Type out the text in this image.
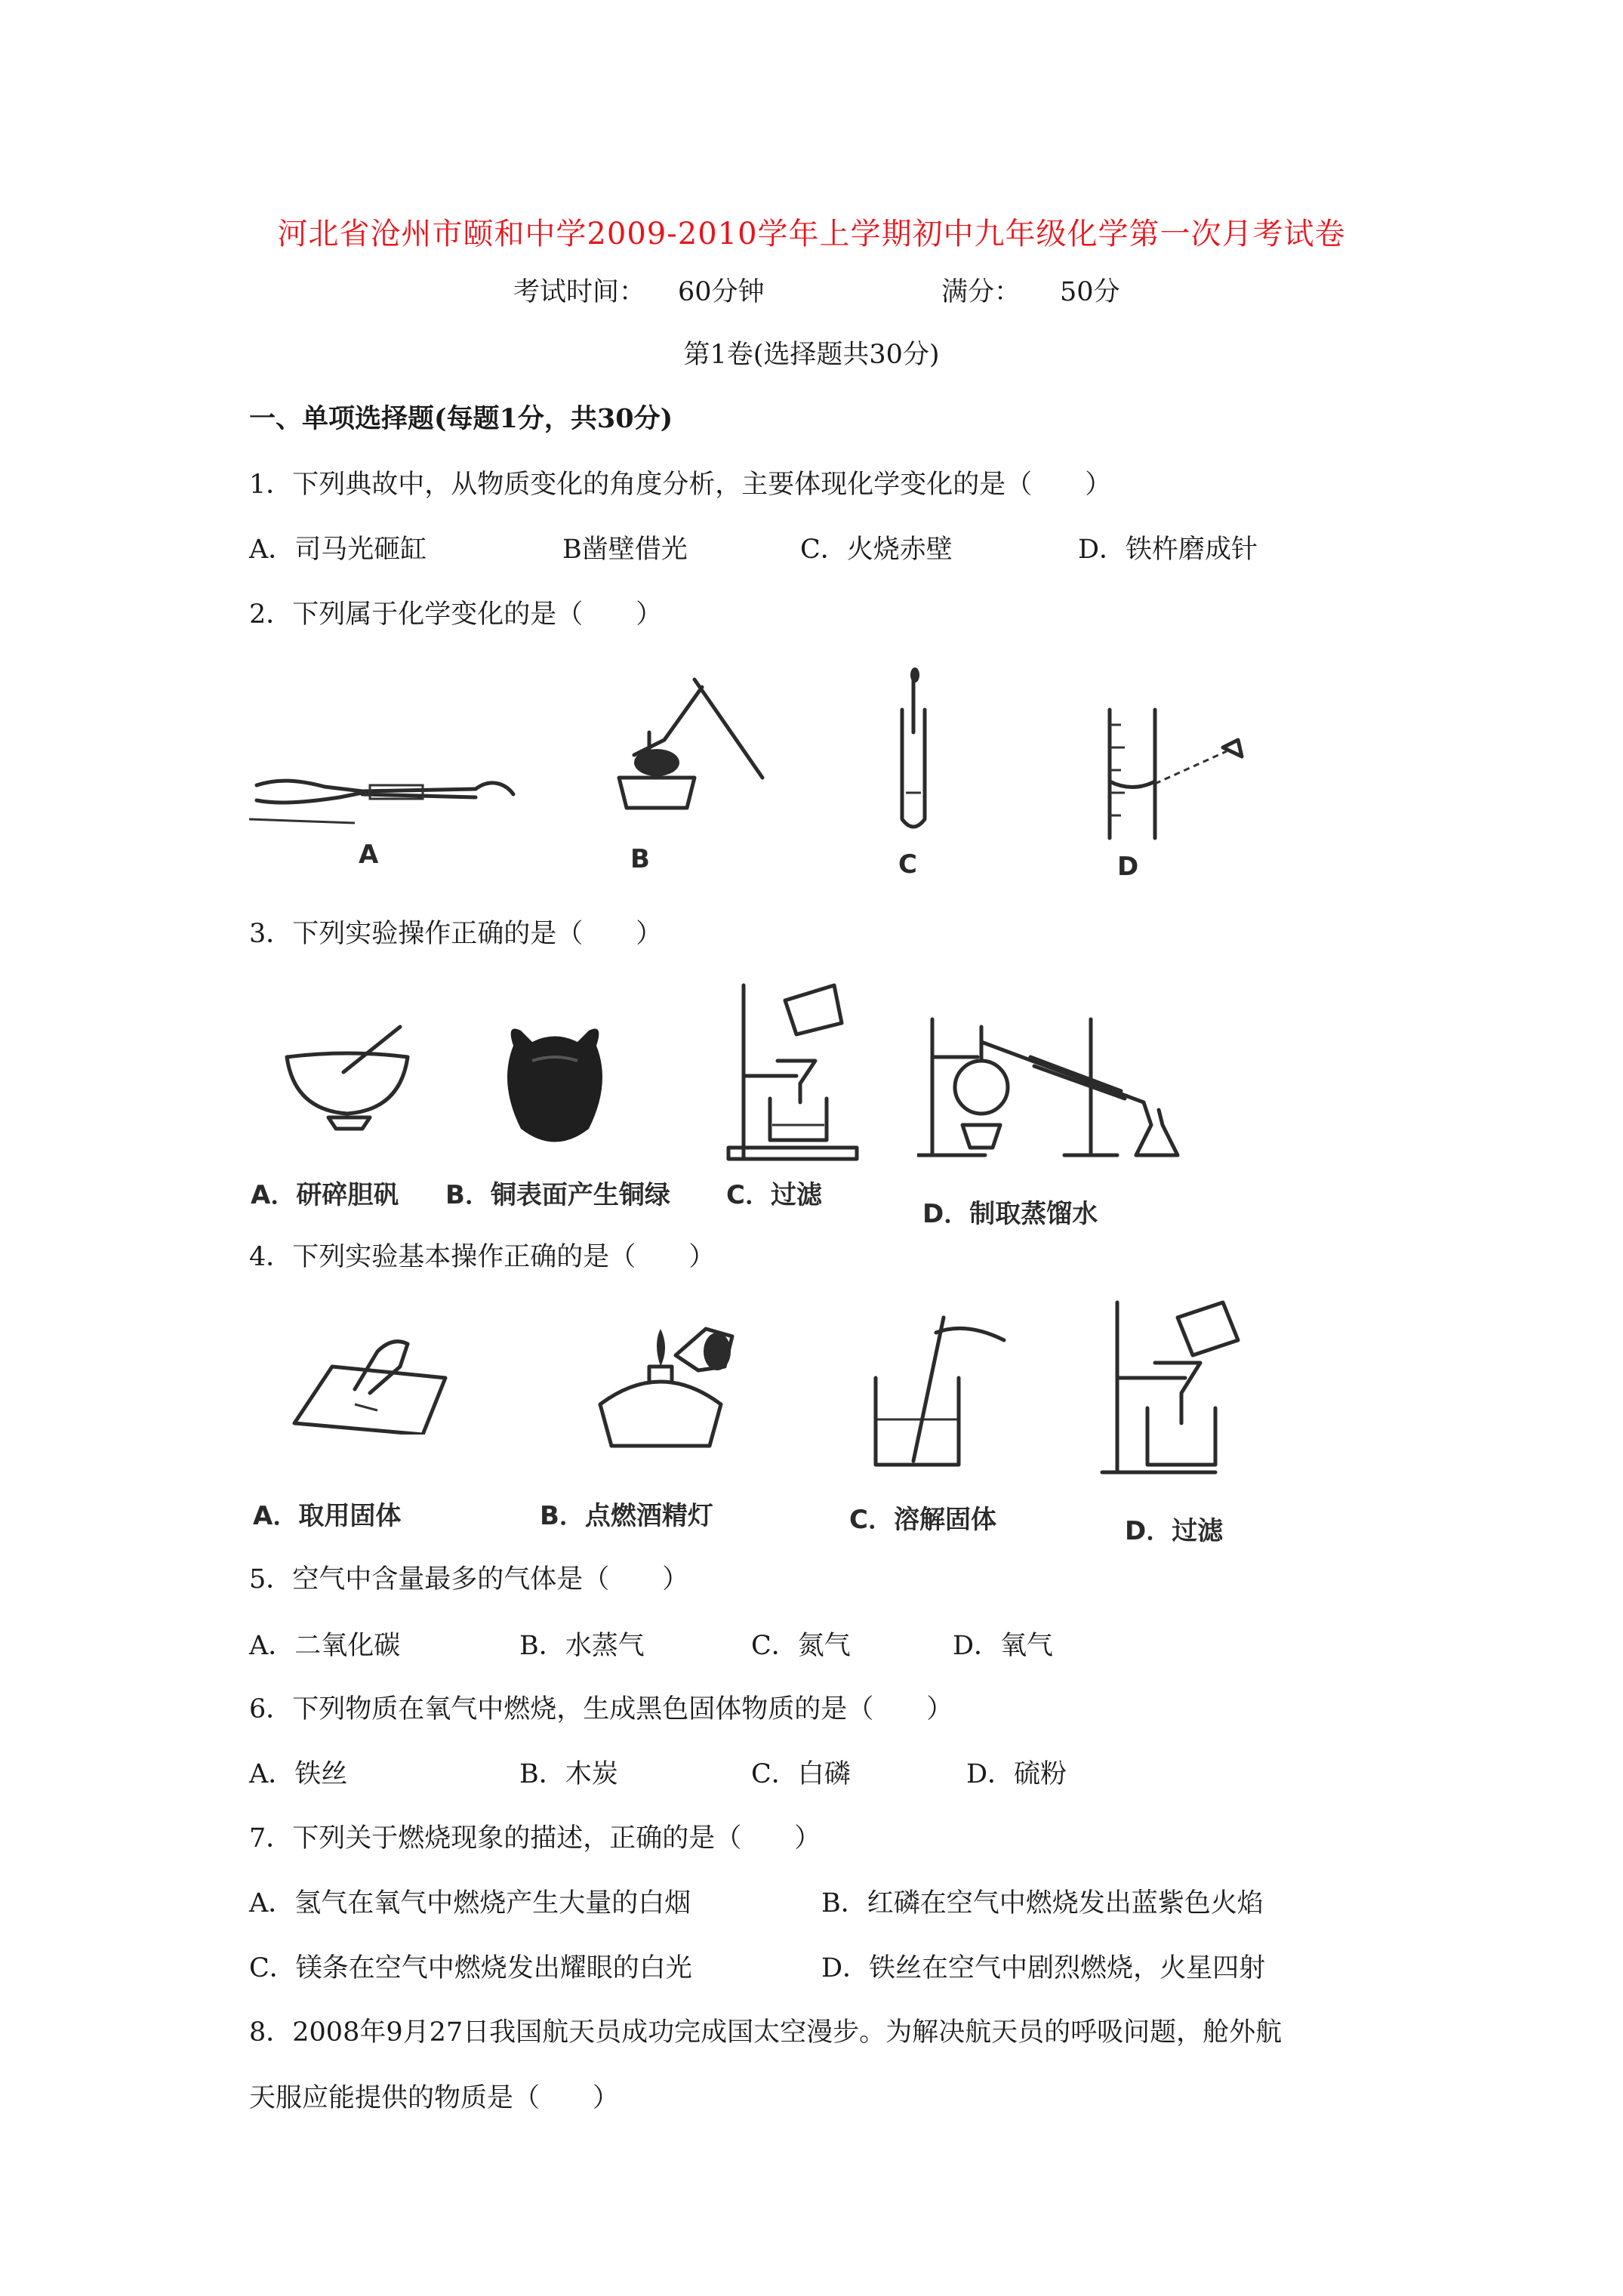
河北省沧州市颐和中学2009-2010学年上学期初中九年级化学第一次月考试卷
考试时间： 60分钟	满分： 50分
第1卷(选择题共30分)
一、单项选择题(每题1分，共30分)
1．下列典故中，从物质变化的角度分析，主要体现化学变化的是（　　）
A．司马光砸缸	B凿壁借光	C．火烧赤壁	D．铁杵磨成针
2．下列属于化学变化的是（　　）
A	B	C	D
3．下列实验操作正确的是（　　）
A．研碎胆矾 B．铜表面产生铜绿 C．过滤
D．制取蒸馏水
4．下列实验基本操作正确的是（　　）
A．取用固体	B．点燃酒精灯	C．溶解固体	D．过滤
5．空气中含量最多的气体是（　　）
A．二氧化碳	B．水蒸气	C．氮气	D．氧气
6．下列物质在氧气中燃烧，生成黑色固体物质的是（　　）
A．铁丝	B．木炭	C．白磷	D．硫粉
7．下列关于燃烧现象的描述，正确的是（　　）
A．氢气在氧气中燃烧产生大量的白烟	B．红磷在空气中燃烧发出蓝紫色火焰
C．镁条在空气中燃烧发出耀眼的白光	D．铁丝在空气中剧烈燃烧，火星四射
8．2008年9月27日我国航天员成功完成国太空漫步。为解决航天员的呼吸问题，舱外航
天服应能提供的物质是（　　）
